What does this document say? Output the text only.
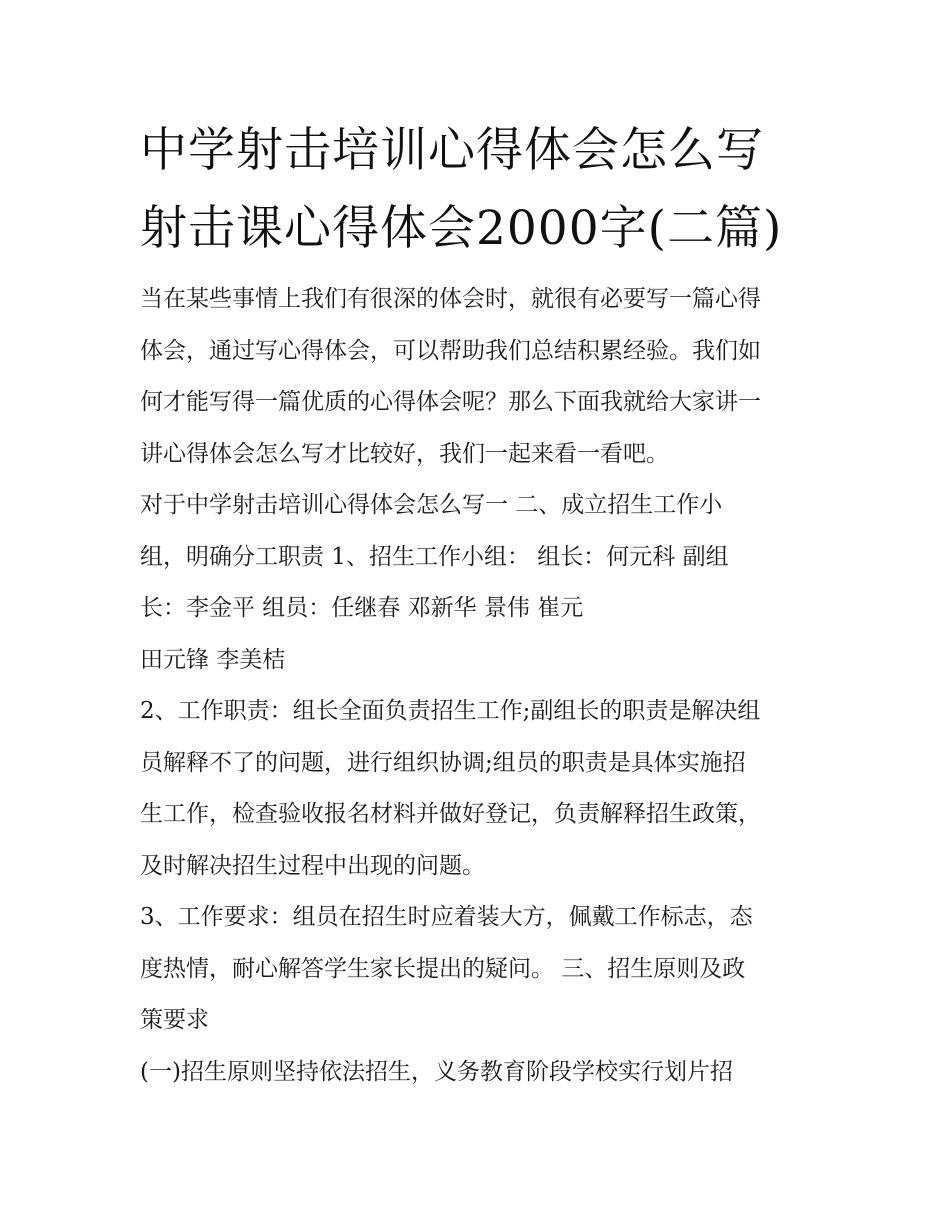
中学射击培训心得体会怎么写
射击课心得体会2000字(二篇)
当在某些事情上我们有很深的体会时，就很有必要写一篇心得
体会，通过写心得体会，可以帮助我们总结积累经验。我们如
何才能写得一篇优质的心得体会呢？那么下面我就给大家讲一
讲心得体会怎么写才比较好，我们一起来看一看吧。
对于中学射击培训心得体会怎么写一 二、成立招生工作小
组，明确分工职责 1、招生工作小组： 组长：何元科 副组
长：李金平 组员：任继春 邓新华 景伟 崔元
田元锋 李美桔
2、工作职责：组长全面负责招生工作;副组长的职责是解决组
员解释不了的问题，进行组织协调;组员的职责是具体实施招
生工作，检查验收报名材料并做好登记，负责解释招生政策，
及时解决招生过程中出现的问题。
3、工作要求：组员在招生时应着装大方，佩戴工作标志，态
度热情，耐心解答学生家长提出的疑问。 三、招生原则及政
策要求
(一)招生原则坚持依法招生，义务教育阶段学校实行划片招
